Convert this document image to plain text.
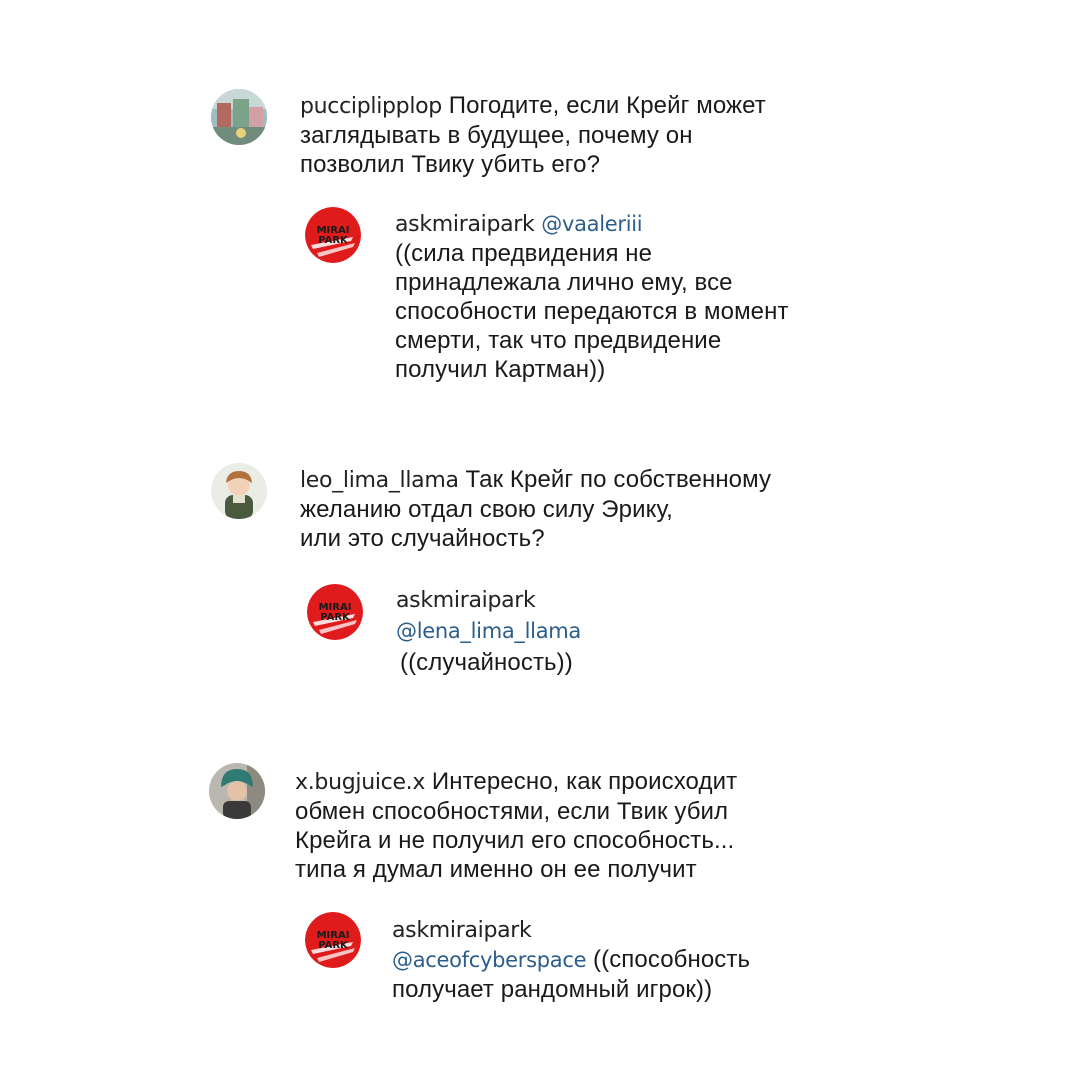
pucciplipplop Погодите, если Крейг может
заглядывать в будущее, почему он
позволил Твику убить его?
MIRAI
PARK
askmiraipark @vaaleriii
((сила предвидения не
принадлежала лично ему, все
способности передаются в момент
смерти, так что предвидение
получил Картман))
leo_lima_llama Так Крейг по собственному
желанию отдал свою силу Эрику,
или это случайность?
MIRAI
PARK
askmiraipark
@lena_lima_llama
((случайность))
x.bugjuice.x Интересно, как происходит
обмен способностями, если Твик убил
Крейга и не получил его способность...
типа я думал именно он ее получит
MIRAI
PARK
askmiraipark
@aceofcyberspace ((способность
получает рандомный игрок))
